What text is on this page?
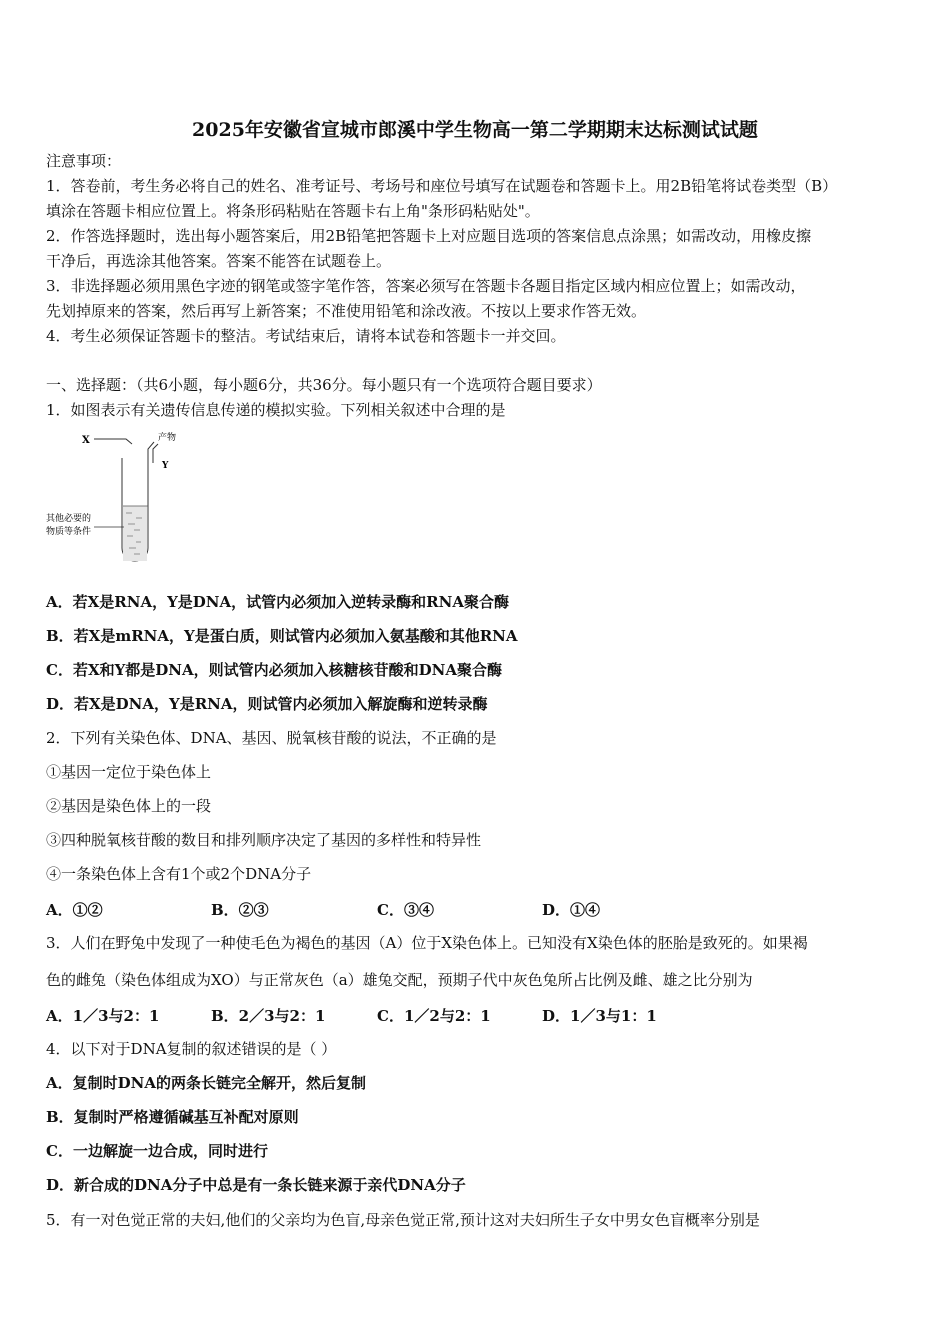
2025年安徽省宣城市郎溪中学生物高一第二学期期末达标测试试题
注意事项：
1．答卷前，考生务必将自己的姓名、准考证号、考场号和座位号填写在试题卷和答题卡上。用2B铅笔将试卷类型（B）
填涂在答题卡相应位置上。将条形码粘贴在答题卡右上角"条形码粘贴处"。
2．作答选择题时，选出每小题答案后，用2B铅笔把答题卡上对应题目选项的答案信息点涂黑；如需改动，用橡皮擦
干净后，再选涂其他答案。答案不能答在试题卷上。
3．非选择题必须用黑色字迹的钢笔或签字笔作答，答案必须写在答题卡各题目指定区域内相应位置上；如需改动，
先划掉原来的答案，然后再写上新答案；不准使用铅笔和涂改液。不按以上要求作答无效。
4．考生必须保证答题卡的整洁。考试结束后，请将本试卷和答题卡一并交回。
一、选择题：（共6小题，每小题6分，共36分。每小题只有一个选项符合题目要求）
1．如图表示有关遗传信息传递的模拟实验。下列相关叙述中合理的是
X	产物
Y
其他必要的
物质等条件
A．若X是RNA，Y是DNA，试管内必须加入逆转录酶和RNA聚合酶
B．若X是mRNA，Y是蛋白质，则试管内必须加入氨基酸和其他RNA
C．若X和Y都是DNA，则试管内必须加入核糖核苷酸和DNA聚合酶
D．若X是DNA，Y是RNA，则试管内必须加入解旋酶和逆转录酶
2．下列有关染色体、DNA、基因、脱氧核苷酸的说法，不正确的是
①基因一定位于染色体上
②基因是染色体上的一段
③四种脱氧核苷酸的数目和排列顺序决定了基因的多样性和特异性
④一条染色体上含有1个或2个DNA分子
A．①②	B．②③	C．③④	D．①④
3．人们在野兔中发现了一种使毛色为褐色的基因（A）位于X染色体上。已知没有X染色体的胚胎是致死的。如果褐
色的雌兔（染色体组成为XO）与正常灰色（a）雄兔交配，预期子代中灰色兔所占比例及雌、雄之比分别为
A．1／3与2：1	B．2／3与2：1	C．1／2与2：1	D．1／3与1：1
4．以下对于DNA复制的叙述错误的是（ ）
A．复制时DNA的两条长链完全解开，然后复制
B．复制时严格遵循碱基互补配对原则
C．一边解旋一边合成，同时进行
D．新合成的DNA分子中总是有一条长链来源于亲代DNA分子
5．有一对色觉正常的夫妇,他们的父亲均为色盲,母亲色觉正常,预计这对夫妇所生子女中男女色盲概率分别是
